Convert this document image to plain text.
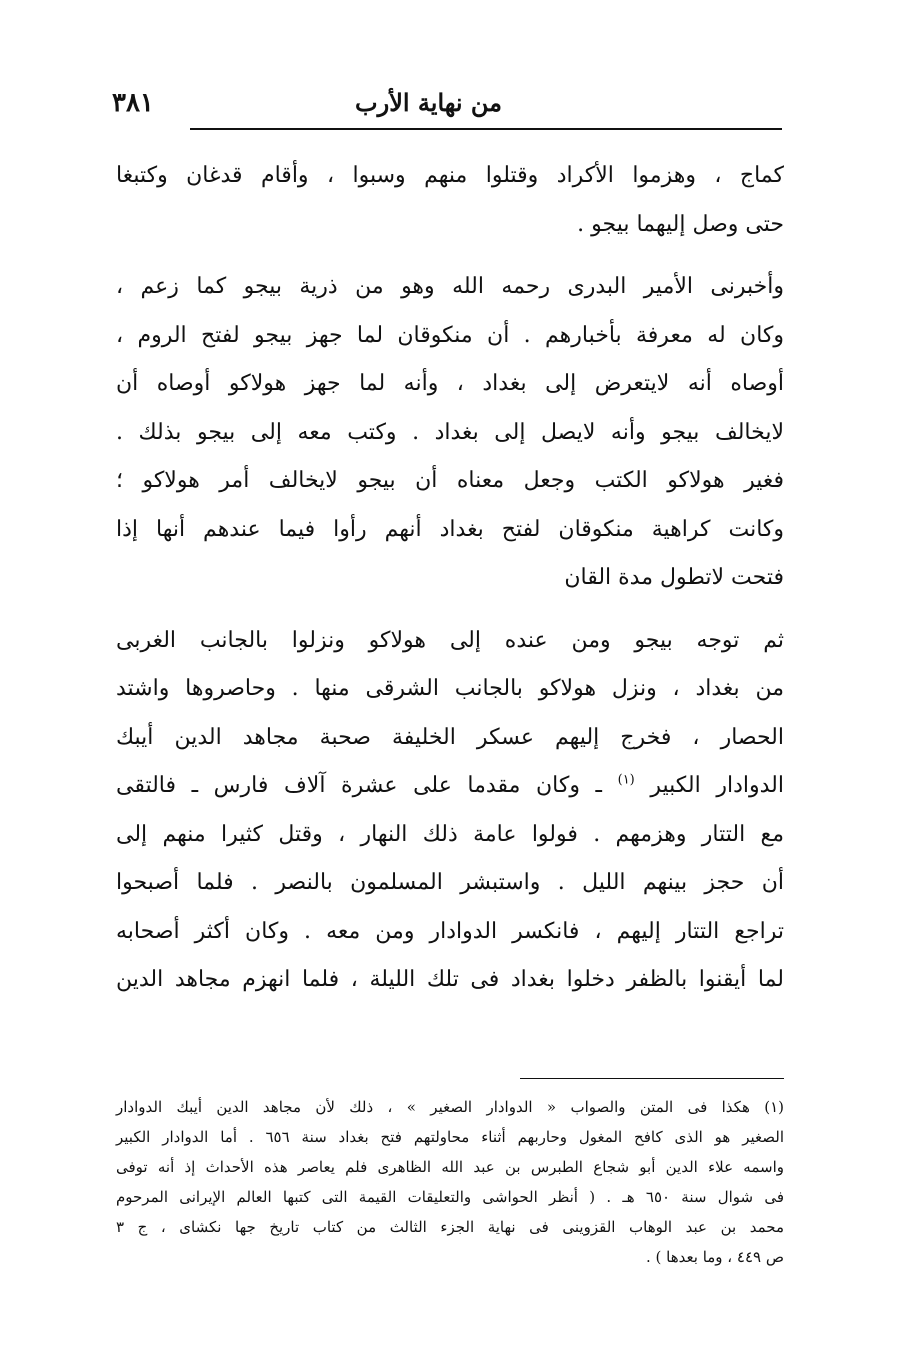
من نهاية الأرب
٣٨١

كماج ، وهزموا الأكراد وقتلوا منهم وسبوا ، وأقام قدغان وكتبغا
حتى وصل إليهما بيجو .

وأخبرنى الأمير البدرى رحمه الله وهو من ذرية بيجو كما زعم ،
وكان له معرفة بأخبارهم . أن منكوقان لما جهز بيجو لفتح الروم ،
أوصاه أنه لايتعرض إلى بغداد ، وأنه لما جهز هولاكو أوصاه أن
لايخالف بيجو وأنه لايصل إلى بغداد . وكتب معه إلى بيجو بذلك .
فغير هولاكو الكتب وجعل معناه أن بيجو لايخالف أمر هولاكو ؛
وكانت كراهية منكوقان لفتح بغداد أنهم رأوا فيما عندهم أنها إذا
فتحت لاتطول مدة القان

ثم توجه بيجو ومن عنده إلى هولاكو ونزلوا بالجانب الغربى
من بغداد ، ونزل هولاكو بالجانب الشرقى منها . وحاصروها واشتد
الحصار ، فخرج إليهم عسكر الخليفة صحبة مجاهد الدين أيبك
الدوادار الكبير $^{(١)}$ ـ وكان مقدما على عشرة آلاف فارس ـ فالتقى
مع التتار وهزمهم . فولوا عامة ذلك النهار ، وقتل كثيرا منهم إلى
أن حجز بينهم الليل . واستبشر المسلمون بالنصر . فلما أصبحوا
تراجع التتار إليهم ، فانكسر الدوادار ومن معه . وكان أكثر أصحابه
لما أيقنوا بالظفر دخلوا بغداد فى تلك الليلة ، فلما انهزم مجاهد الدين

(١) هكذا فى المتن والصواب « الدوادار الصغير » ، ذلك لأن مجاهد الدين أيبك الدوادار
الصغير هو الذى كافح المغول وحاربهم أثناء محاولتهم فتح بغداد سنة ٦٥٦ . أما الدوادار الكبير
واسمه علاء الدين أبو شجاع الطبرس بن عبد الله الظاهرى فلم يعاصر هذه الأحداث إذ أنه توفى
فى شوال سنة ٦٥٠ هـ . ( أنظر الحواشى والتعليقات القيمة التى كتبها العالم الإيرانى المرحوم
محمد بن عبد الوهاب القزوينى فى نهاية الجزء الثالث من كتاب تاريخ جها نكشاى ، ج ٣
ص ٤٤٩ ، وما بعدها ) .
